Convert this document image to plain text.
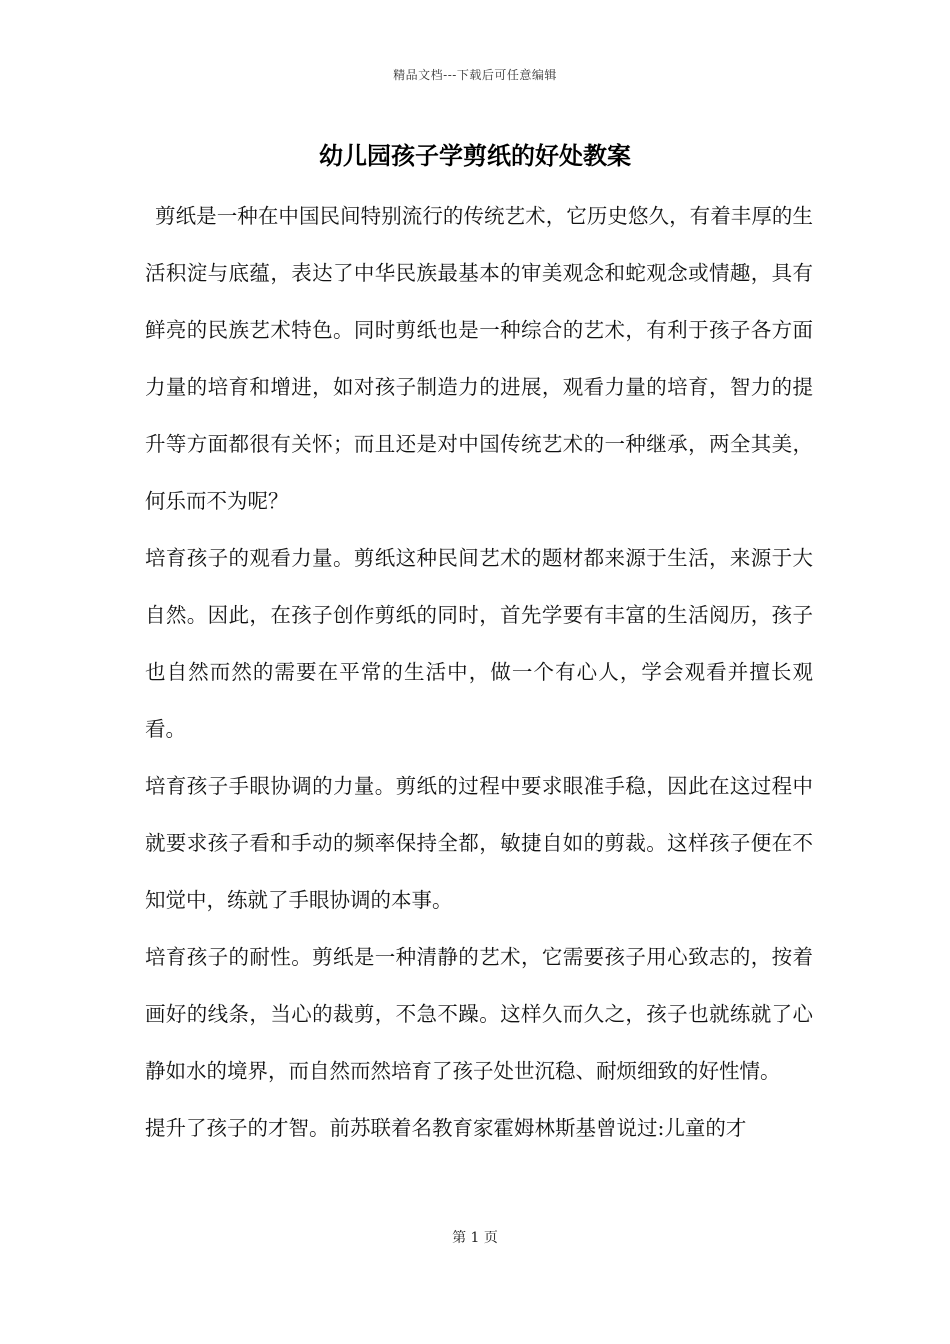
精品文档---下载后可任意编辑
幼儿园孩子学剪纸的好处教案

剪纸是一种在中国民间特别流行的传统艺术，它历史悠久，有着丰厚的生活积淀与底蕴，表达了中华民族最基本的审美观念和蛇观念或情趣，具有鲜亮的民族艺术特色。同时剪纸也是一种综合的艺术，有利于孩子各方面力量的培育和增进，如对孩子制造力的进展，观看力量的培育，智力的提升等方面都很有关怀；而且还是对中国传统艺术的一种继承，两全其美，何乐而不为呢？

培育孩子的观看力量。剪纸这种民间艺术的题材都来源于生活，来源于大自然。因此，在孩子创作剪纸的同时，首先学要有丰富的生活阅历，孩子也自然而然的需要在平常的生活中，做一个有心人，学会观看并擅长观看。

培育孩子手眼协调的力量。剪纸的过程中要求眼准手稳，因此在这过程中就要求孩子看和手动的频率保持全都，敏捷自如的剪裁。这样孩子便在不知觉中，练就了手眼协调的本事。

培育孩子的耐性。剪纸是一种清静的艺术，它需要孩子用心致志的，按着画好的线条，当心的裁剪，不急不躁。这样久而久之，孩子也就练就了心静如水的境界，而自然而然培育了孩子处世沉稳、耐烦细致的好性情。

提升了孩子的才智。前苏联着名教育家霍姆林斯基曾说过:儿童的才

第 1 页
